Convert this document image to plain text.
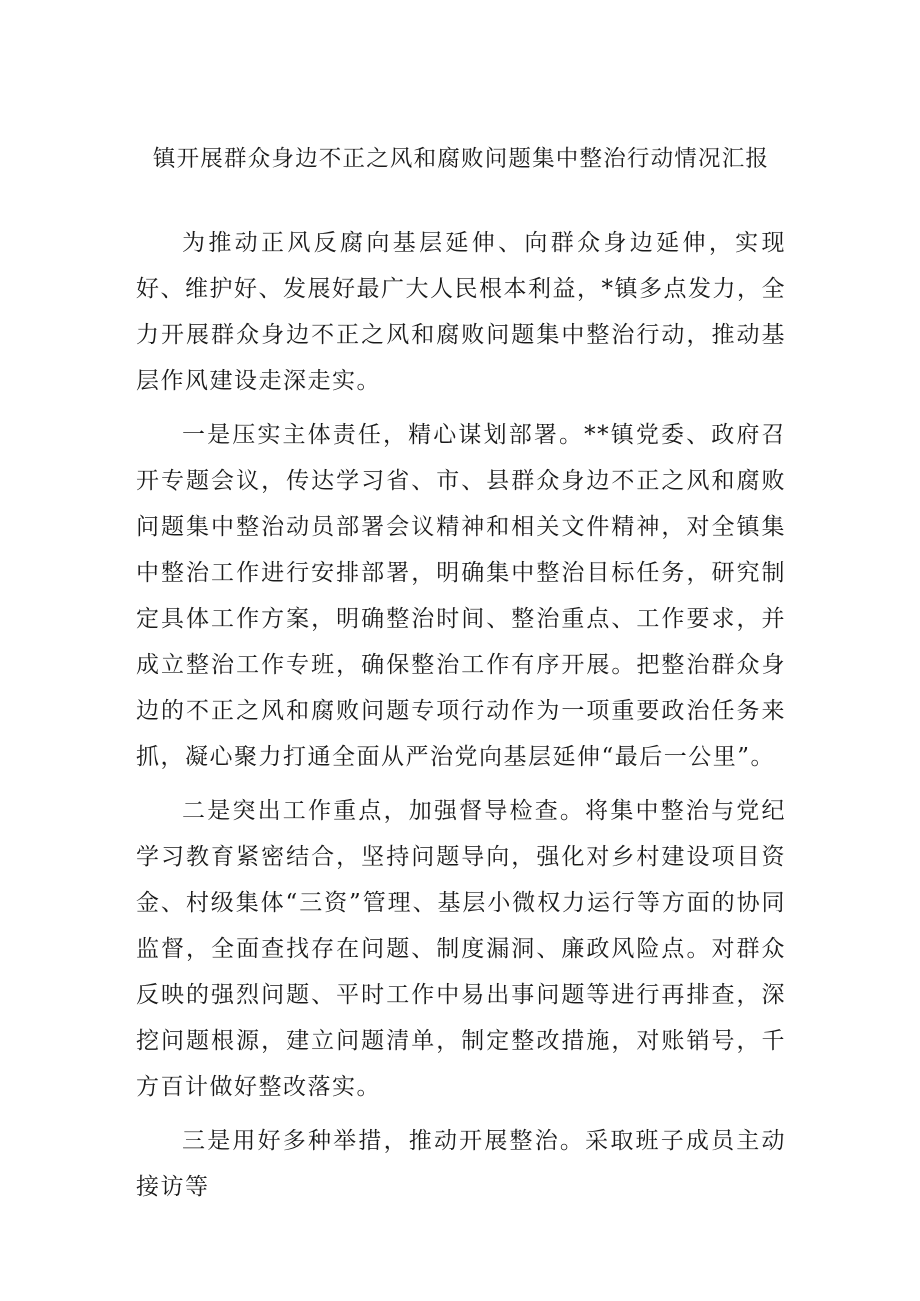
镇开展群众身边不正之风和腐败问题集中整治行动情况汇报

为推动正风反腐向基层延伸、向群众身边延伸，实现好、维护好、发展好最广大人民根本利益，*镇多点发力，全力开展群众身边不正之风和腐败问题集中整治行动，推动基层作风建设走深走实。

一是压实主体责任，精心谋划部署。**镇党委、政府召开专题会议，传达学习省、市、县群众身边不正之风和腐败问题集中整治动员部署会议精神和相关文件精神，对全镇集中整治工作进行安排部署，明确集中整治目标任务，研究制定具体工作方案，明确整治时间、整治重点、工作要求，并成立整治工作专班，确保整治工作有序开展。把整治群众身边的不正之风和腐败问题专项行动作为一项重要政治任务来抓，凝心聚力打通全面从严治党向基层延伸“最后一公里”。

二是突出工作重点，加强督导检查。将集中整治与党纪学习教育紧密结合，坚持问题导向，强化对乡村建设项目资金、村级集体“三资”管理、基层小微权力运行等方面的协同监督，全面查找存在问题、制度漏洞、廉政风险点。对群众反映的强烈问题、平时工作中易出事问题等进行再排查，深挖问题根源，建立问题清单，制定整改措施，对账销号，千方百计做好整改落实。

三是用好多种举措，推动开展整治。采取班子成员主动接访等
